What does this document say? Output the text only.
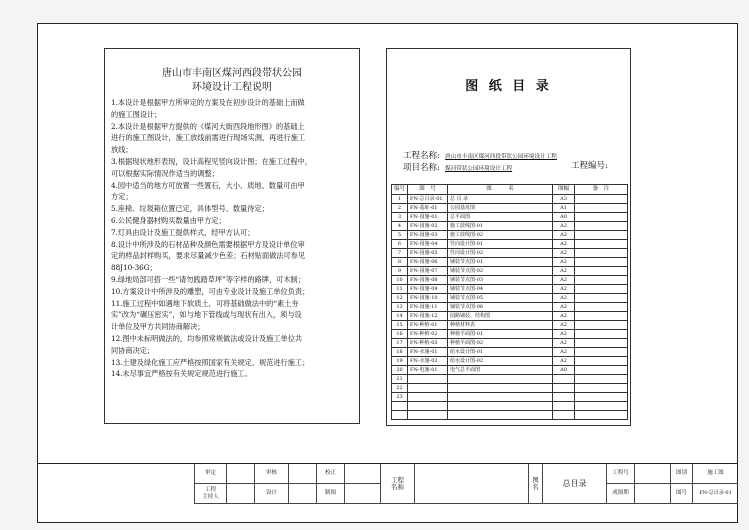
唐山市丰南区煤河西段带状公园
环境设计工程说明
1.本设计是根据甲方所审定的方案及在初步设计的基础上而做
的施工图设计；
2.本设计是根据甲方提供的《煤河大街西段地形图》的基础上
进行的施工图设计，施工放线前需进行现场实测，再进行施工
放线；
3.根据现状地形表现，设计高程见竖向设计图；在施工过程中，
可以根据实际情况作适当的调整；
4.园中适当的地方可放置一些置石，大小、质地、数量可由甲
方定；
5.座椅、垃圾箱位置已定，具体型号、数量待定；
6.公民健身器材购买数量由甲方定；
7.灯具由设计及施工提供样式，经甲方认可；
8.设计中所涉及的石材品种及颜色需要根据甲方及设计单位审
定的样品封样购买，要求尽量减少色差；石材贴面做法可参见
88J10-36G；
9.绿地局部可搭一些“请勿践踏草坪”等字样的路牌，可木制；
10.方案设计中所涉及的雕塑，可由专业设计及施工单位负责；
11.施工过程中如遇地下软质土，可将基础做法中的“素土夯
实”改为“碾压密实”，如与地下管线或与现状有出入，须与设
计单位及甲方共同协商解决；
12.图中未标明做法的，均参照常规做法或设计及施工单位共
同协商决定；
13.土建及绿化施工应严格按照国家有关规定、规范进行施工；
14.未尽事宜严格按有关规定规范进行施工。
图 纸 目 录
工程名称: 唐山市丰南区煤河西段带状公园环境设计工程
项目名称: 煤河带状公园环境设计工程	工程编号:
编号	图　号	图　　　名	图幅	备　注
1	FN-总目录-01	总 目 录	A3	
2	FN-基址-01	公园基址图	A1	
3	FN-园施-01	总平面图	A0	
4	FN-园施-02	施工放线图-01	A2	
5	FN-园施-03	施工放线图-02	A2	
6	FN-园施-04	竖向设计图-01	A2	
7	FN-园施-05	竖向设计图-02	A2	
8	FN-园施-06	铺装节点图-01	A2	
9	FN-园施-07	铺装节点图-02	A2	
10	FN-园施-08	铺装节点图-03	A2	
11	FN-园施-09	铺装节点图-04	A2	
12	FN-园施-10	铺装节点图-05	A2	
13	FN-园施-11	铺装节点图-06	A2	
14	FN-园施-12	园路铺装、结构图	A2	
15	FN-种植-01	种植材料表	A2	
16	FN-种植-02	种植平面图-01	A2	
17	FN-种植-03	种植平面图-02	A2	
18	FN-水施-01	给水设计图-01	A2	
19	FN-水施-02	给水设计图-02	A2	
20	FN-电施-01	电气总平面图	A0	
21				
22				
23				

审定	审核	校正
工程
主持人
设计	制图
工程
名称
图
名	总目录
工程号
成图期
图别	施工图
图号	FN-总目录-01
